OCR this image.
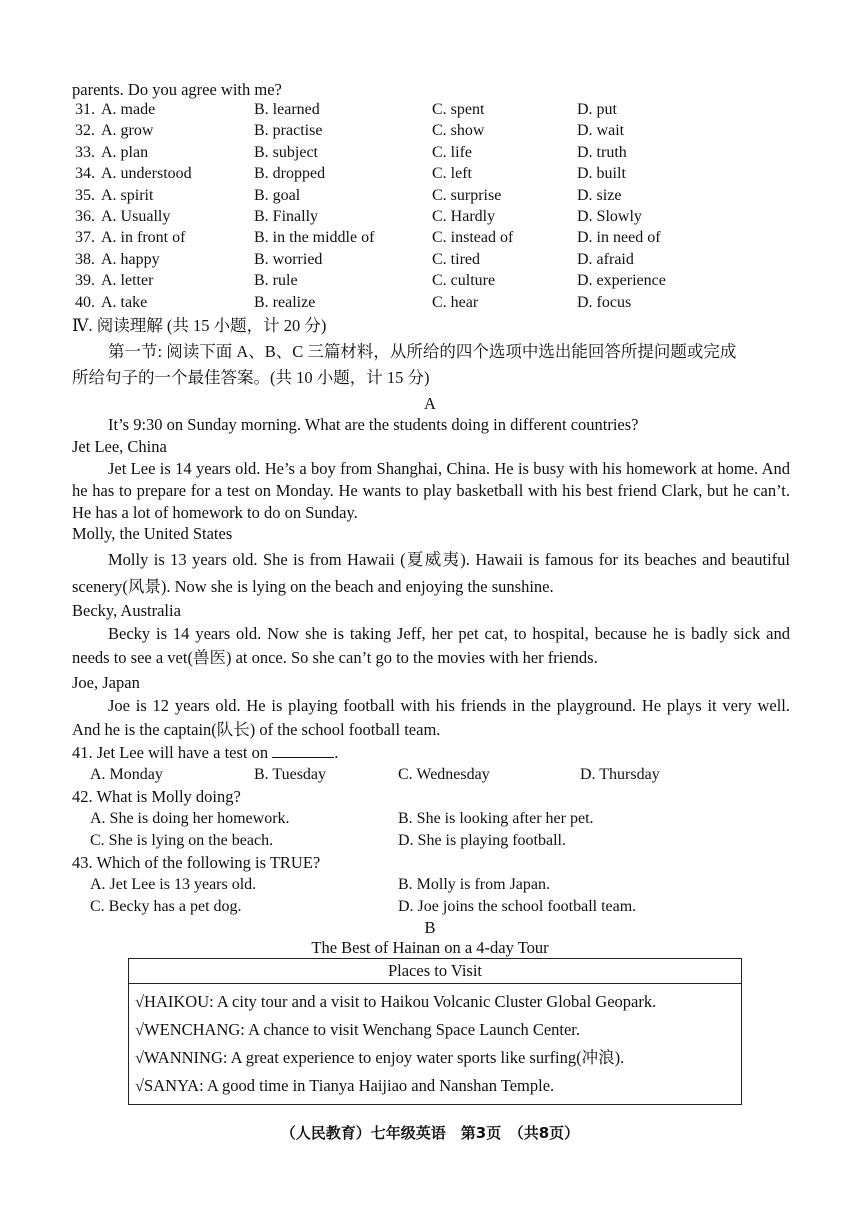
parents. Do you agree with me?
31. A. made	B. learned	C. spent	D. put
32. A. grow	B. practise	C. show	D. wait
33. A. plan	B. subject	C. life	D. truth
34. A. understood	B. dropped	C. left	D. built
35. A. spirit	B. goal	C. surprise	D. size
36. A. Usually	B. Finally	C. Hardly	D. Slowly
37. A. in front of	B. in the middle of	C. instead of	D. in need of
38. A. happy	B. worried	C. tired	D. afraid
39. A. letter	B. rule	C. culture	D. experience
40. A. take	B. realize	C. hear	D. focus
Ⅳ. 阅读理解 (共 15 小题，计 20 分)
第一节: 阅读下面 A、B、C 三篇材料，从所给的四个选项中选出能回答所提问题或完成
所给句子的一个最佳答案。(共 10 小题，计 15 分)
A
It’s 9:30 on Sunday morning. What are the students doing in different countries?
Jet Lee, China
Jet Lee is 14 years old. He’s a boy from Shanghai, China. He is busy with his homework at home. And he has to prepare for a test on Monday. He wants to play basketball with his best friend Clark, but he can’t. He has a lot of homework to do on Sunday.
Molly, the United States
Molly is 13 years old. She is from Hawaii (夏威夷). Hawaii is famous for its beaches and beautiful scenery(风景). Now she is lying on the beach and enjoying the sunshine.
Becky, Australia
Becky is 14 years old. Now she is taking Jeff, her pet cat, to hospital, because he is badly sick and needs to see a vet(兽医) at once. So she can’t go to the movies with her friends.
Joe, Japan
Joe is 12 years old. He is playing football with his friends in the playground. He plays it very well. And he is the captain(队长) of the school football team.
41. Jet Lee will have a test on	.
A. Monday	B. Tuesday	C. Wednesday	D. Thursday
42. What is Molly doing?
A. She is doing her homework.	B. She is looking after her pet.
C. She is lying on the beach.	D. She is playing football.
43. Which of the following is TRUE?
A. Jet Lee is 13 years old.	B. Molly is from Japan.
C. Becky has a pet dog.	D. Joe joins the school football team.
B
The Best of Hainan on a 4-day Tour
Places to Visit

√HAIKOU: A city tour and a visit to Haikou Volcanic Cluster Global Geopark.
√WENCHANG: A chance to visit Wenchang Space Launch Center.
√WANNING: A great experience to enjoy water sports like surfing(冲浪).
√SANYA: A good time in Tianya Haijiao and Nanshan Temple.
（人民教育）七年级英语　第3页　（共8页）
